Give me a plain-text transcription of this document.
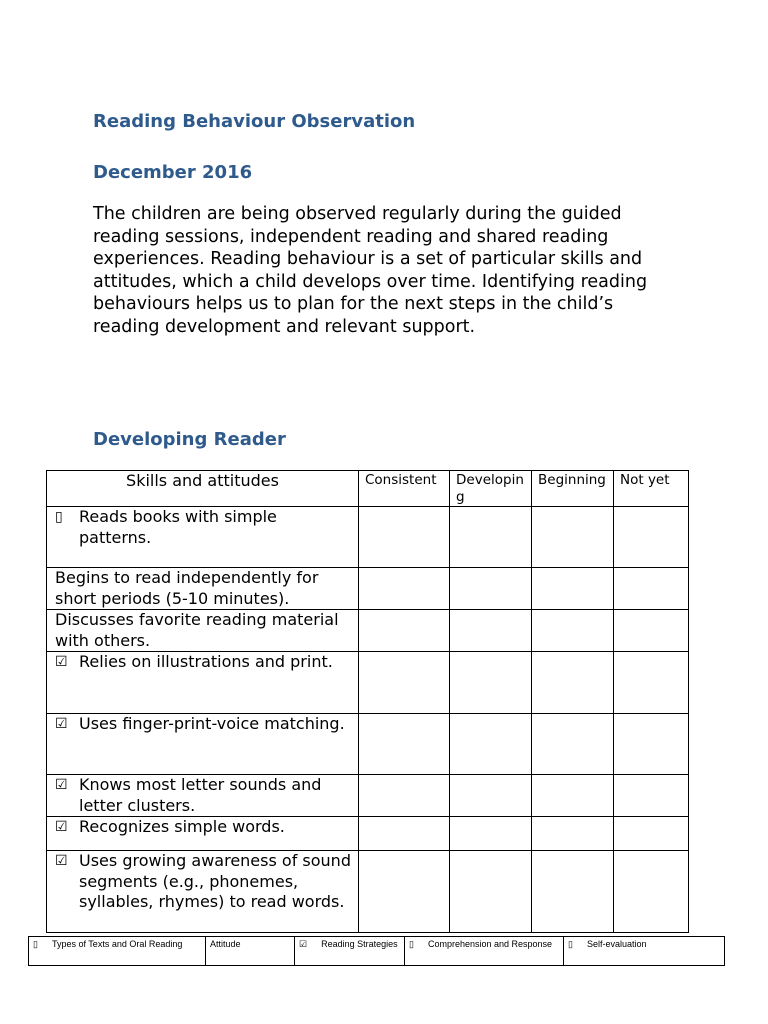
Reading Behaviour Observation
December 2016

The children are being observed regularly during the guided reading sessions, independent reading and shared reading experiences. Reading behaviour is a set of particular skills and attitudes, which a child develops over time. Identifying reading behaviours helps us to plan for the next steps in the child’s reading development and relevant support.

Developing Reader
Skills and attitudes	Consistent	Developing	Beginning	Not yet

▯ Reads books with simple patterns.				

Begins to read independently for short periods (5-10 minutes).				
Discusses favorite reading material with others.				

☑ Relies on illustrations and print.				

☑ Uses finger-print-voice matching.				

☑ Knows most letter sounds and letter clusters.				

☑ Recognizes simple words.				

☑ Uses growing awareness of sound segments (e.g., phonemes, syllables, rhymes) to read words.				

▯ Types of Texts and Oral Reading	Attitude	☑ Reading Strategies	▯ Comprehension and Response	▯ Self-evaluation
